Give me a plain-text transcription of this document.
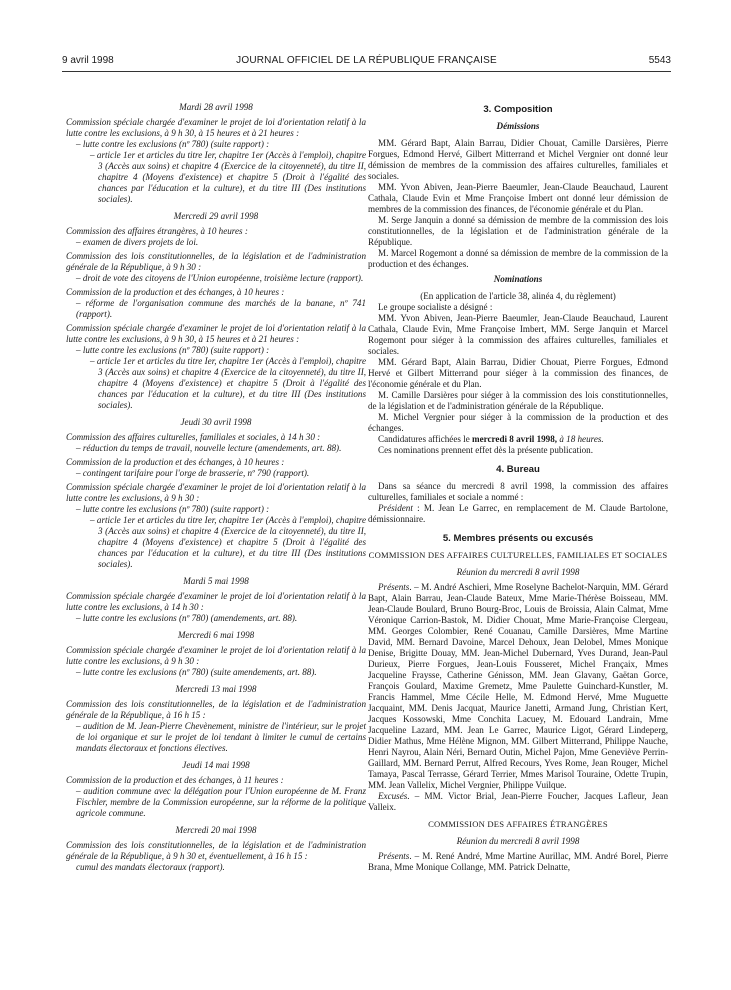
9 avril 1998	JOURNAL OFFICIEL DE LA RÉPUBLIQUE FRANÇAISE	5543
Mardi 28 avril 1998
Commission spéciale chargée d'examiner le projet de loi d'orientation relatif à la lutte contre les exclusions, à 9 h 30, à 15 heures et à 21 heures :
– lutte contre les exclusions (nº 780) (suite rapport) :
– article 1er et articles du titre Ier, chapitre 1er (Accès à l'emploi), chapitre 3 (Accès aux soins) et chapitre 4 (Exercice de la citoyenneté), du titre II, chapitre 4 (Moyens d'existence) et chapitre 5 (Droit à l'égalité des chances par l'éducation et la culture), et du titre III (Des institutions sociales).
Mercredi 29 avril 1998
Commission des affaires étrangères, à 10 heures :
– examen de divers projets de loi.
Commission des lois constitutionnelles, de la législation et de l'administration générale de la République, à 9 h 30 :
– droit de vote des citoyens de l'Union européenne, troisième lecture (rapport).
Commission de la production et des échanges, à 10 heures :
– réforme de l'organisation commune des marchés de la banane, nº 741 (rapport).
Commission spéciale chargée d'examiner le projet de loi d'orientation relatif à la lutte contre les exclusions, à 9 h 30, à 15 heures et à 21 heures :
– lutte contre les exclusions (nº 780) (suite rapport) :
– article 1er et articles du titre Ier, chapitre 1er (Accès à l'emploi), chapitre 3 (Accès aux soins) et chapitre 4 (Exercice de la citoyenneté), du titre II, chapitre 4 (Moyens d'existence) et chapitre 5 (Droit à l'égalité des chances par l'éducation et la culture), et du titre III (Des institutions sociales).
Jeudi 30 avril 1998
Commission des affaires culturelles, familiales et sociales, à 14 h 30 :
– réduction du temps de travail, nouvelle lecture (amendements, art. 88).
Commission de la production et des échanges, à 10 heures :
– contingent tarifaire pour l'orge de brasserie, nº 790 (rapport).
Commission spéciale chargée d'examiner le projet de loi d'orientation relatif à la lutte contre les exclusions, à 9 h 30 :
– lutte contre les exclusions (nº 780) (suite rapport) :
– article 1er et articles du titre Ier, chapitre 1er (Accès à l'emploi), chapitre 3 (Accès aux soins) et chapitre 4 (Exercice de la citoyenneté), du titre II, chapitre 4 (Moyens d'existence) et chapitre 5 (Droit à l'égalité des chances par l'éducation et la culture), et du titre III (Des institutions sociales).
Mardi 5 mai 1998
Commission spéciale chargée d'examiner le projet de loi d'orientation relatif à la lutte contre les exclusions, à 14 h 30 :
– lutte contre les exclusions (nº 780) (amendements, art. 88).
Mercredi 6 mai 1998
Commission spéciale chargée d'examiner le projet de loi d'orientation relatif à la lutte contre les exclusions, à 9 h 30 :
– lutte contre les exclusions (nº 780) (suite amendements, art. 88).
Mercredi 13 mai 1998
Commission des lois constitutionnelles, de la législation et de l'administration générale de la République, à 16 h 15 :
– audition de M. Jean-Pierre Chevènement, ministre de l'intérieur, sur le projet de loi organique et sur le projet de loi tendant à limiter le cumul de certains mandats électoraux et fonctions électives.
Jeudi 14 mai 1998
Commission de la production et des échanges, à 11 heures :
– audition commune avec la délégation pour l'Union européenne de M. Franz Fischler, membre de la Commission européenne, sur la réforme de la politique agricole commune.
Mercredi 20 mai 1998
Commission des lois constitutionnelles, de la législation et de l'administration générale de la République, à 9 h 30 et, éventuellement, à 16 h 15 :
cumul des mandats électoraux (rapport).
3. Composition
Démissions
MM. Gérard Bapt, Alain Barrau, Didier Chouat, Camille Darsières, Pierre Forgues, Edmond Hervé, Gilbert Mitterrand et Michel Vergnier ont donné leur démission de membres de la commission des affaires culturelles, familiales et sociales.
MM. Yvon Abiven, Jean-Pierre Baeumler, Jean-Claude Beauchaud, Laurent Cathala, Claude Evin et Mme Françoise Imbert ont donné leur démission de membres de la commission des finances, de l'économie générale et du Plan.
M. Serge Janquin a donné sa démission de membre de la commission des lois constitutionnelles, de la législation et de l'administration générale de la République.
M. Marcel Rogemont a donné sa démission de membre de la commission de la production et des échanges.
Nominations
(En application de l'article 38, alinéa 4, du règlement)
Le groupe socialiste a désigné :
MM. Yvon Abiven, Jean-Pierre Baeumler, Jean-Claude Beauchaud, Laurent Cathala, Claude Evin, Mme Françoise Imbert, MM. Serge Janquin et Marcel Rogemont pour siéger à la commission des affaires culturelles, familiales et sociales.
MM. Gérard Bapt, Alain Barrau, Didier Chouat, Pierre Forgues, Edmond Hervé et Gilbert Mitterrand pour siéger à la commission des finances, de l'économie générale et du Plan.
M. Camille Darsières pour siéger à la commission des lois constitutionnelles, de la législation et de l'administration générale de la République.
M. Michel Vergnier pour siéger à la commission de la production et des échanges.
Candidatures affichées le mercredi 8 avril 1998, à 18 heures.
Ces nominations prennent effet dès la présente publication.
4. Bureau
Dans sa séance du mercredi 8 avril 1998, la commission des affaires culturelles, familiales et sociale a nommé :
Président : M. Jean Le Garrec, en remplacement de M. Claude Bartolone, démissionnaire.
5. Membres présents ou excusés
COMMISSION DES AFFAIRES CULTURELLES, FAMILIALES ET SOCIALES
Réunion du mercredi 8 avril 1998
Présents. – M. André Aschieri, Mme Roselyne Bachelot-Narquin, MM. Gérard Bapt, Alain Barrau, Jean-Claude Bateux, Mme Marie-Thérèse Boisseau, MM. Jean-Claude Boulard, Bruno Bourg-Broc, Louis de Broissia, Alain Calmat, Mme Véronique Carrion-Bastok, M. Didier Chouat, Mme Marie-Françoise Clergeau, MM. Georges Colombier, René Couanau, Camille Darsières, Mme Martine David, MM. Bernard Davoine, Marcel Dehoux, Jean Delobel, Mmes Monique Denise, Brigitte Douay, MM. Jean-Michel Dubernard, Yves Durand, Jean-Paul Durieux, Pierre Forgues, Jean-Louis Fousseret, Michel Françaix, Mmes Jacqueline Fraysse, Catherine Génisson, MM. Jean Glavany, Gaëtan Gorce, François Goulard, Maxime Gremetz, Mme Paulette Guinchard-Kunstler, M. Francis Hammel, Mme Cécile Helle, M. Edmond Hervé, Mme Muguette Jacquaint, MM. Denis Jacquat, Maurice Janetti, Armand Jung, Christian Kert, Jacques Kossowski, Mme Conchita Lacuey, M. Edouard Landrain, Mme Jacqueline Lazard, MM. Jean Le Garrec, Maurice Ligot, Gérard Lindeperg, Didier Mathus, Mme Hélène Mignon, MM. Gilbert Mitterrand, Philippe Nauche, Henri Nayrou, Alain Néri, Bernard Outin, Michel Pajon, Mme Geneviève Perrin-Gaillard, MM. Bernard Perrut, Alfred Recours, Yves Rome, Jean Rouger, Michel Tamaya, Pascal Terrasse, Gérard Terrier, Mmes Marisol Touraine, Odette Trupin, MM. Jean Vallelix, Michel Vergnier, Philippe Vuilque.
Excusés. – MM. Victor Brial, Jean-Pierre Foucher, Jacques Lafleur, Jean Valleix.
COMMISSION DES AFFAIRES ÉTRANGÈRES
Réunion du mercredi 8 avril 1998
Présents. – M. René André, Mme Martine Aurillac, MM. André Borel, Pierre Brana, Mme Monique Collange, MM. Patrick Delnatte,
